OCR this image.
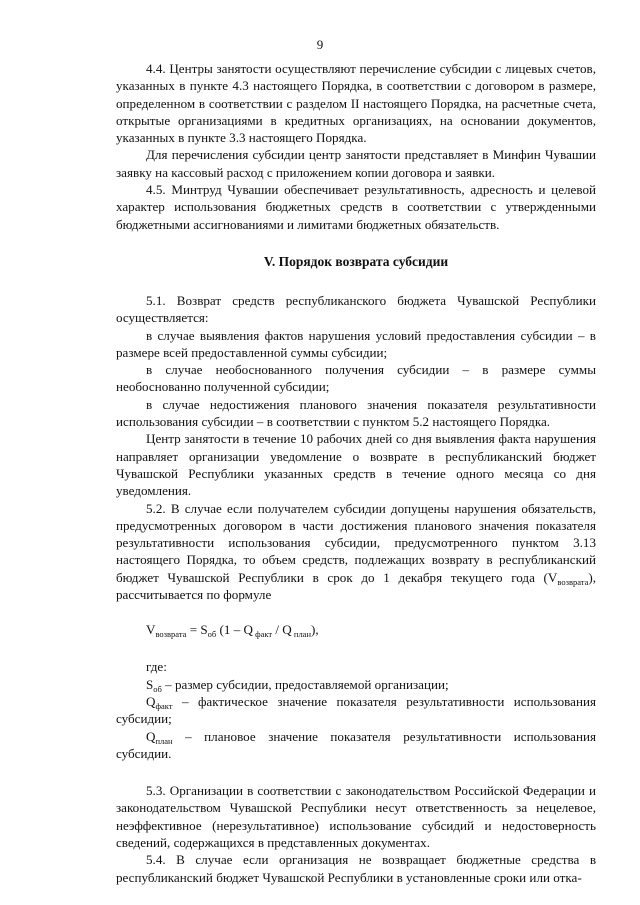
9

4.4. Центры занятости осуществляют перечисление субсидии с лицевых счетов, указанных в пункте 4.3 настоящего Порядка, в соответствии с договором в размере, определенном в соответствии с разделом II настоящего Порядка, на расчетные счета, открытые организациями в кредитных организациях, на основании документов, указанных в пункте 3.3 настоящего Порядка.

Для перечисления субсидии центр занятости представляет в Минфин Чувашии заявку на кассовый расход с приложением копии договора и заявки.

4.5. Минтруд Чувашии обеспечивает результативность, адресность и целевой характер использования бюджетных средств в соответствии с утвержденными бюджетными ассигнованиями и лимитами бюджетных обязательств.

V. Порядок возврата субсидии

5.1. Возврат средств республиканского бюджета Чувашской Республики осуществляется:

в случае выявления фактов нарушения условий предоставления субсидии – в размере всей предоставленной суммы субсидии;

в случае необоснованного получения субсидии – в размере суммы необоснованно полученной субсидии;

в случае недостижения планового значения показателя результативности использования субсидии – в соответствии с пунктом 5.2 настоящего Порядка.

Центр занятости в течение 10 рабочих дней со дня выявления факта нарушения направляет организации уведомление о возврате в республиканский бюджет Чувашской Республики указанных средств в течение одного месяца со дня уведомления.

5.2. В случае если получателем субсидии допущены нарушения обязательств, предусмотренных договором в части достижения планового значения показателя результативности использования субсидии, предусмотренного пунктом 3.13 настоящего Порядка, то объем средств, подлежащих возврату в республиканский бюджет Чувашской Республики в срок до 1 декабря текущего года $(V_{возврата})$, рассчитывается по формуле

$V_{возврата} = S_{об}$ (1 – Q $_{факт}$ / Q $_{план}$),

где:

$S_{об}$ – размер субсидии, предоставляемой организации;

$Q_{факт}$ – фактическое значение показателя результативности использования субсидии;

$Q_{план}$ – плановое значение показателя результативности использования субсидии.

5.3. Организации в соответствии с законодательством Российской Федерации и законодательством Чувашской Республики несут ответственность за нецелевое, неэффективное (нерезультативное) использование субсидий и недостоверность сведений, содержащихся в представленных документах.

5.4. В случае если организация не возвращает бюджетные средства в республиканский бюджет Чувашской Республики в установленные сроки или отка-
